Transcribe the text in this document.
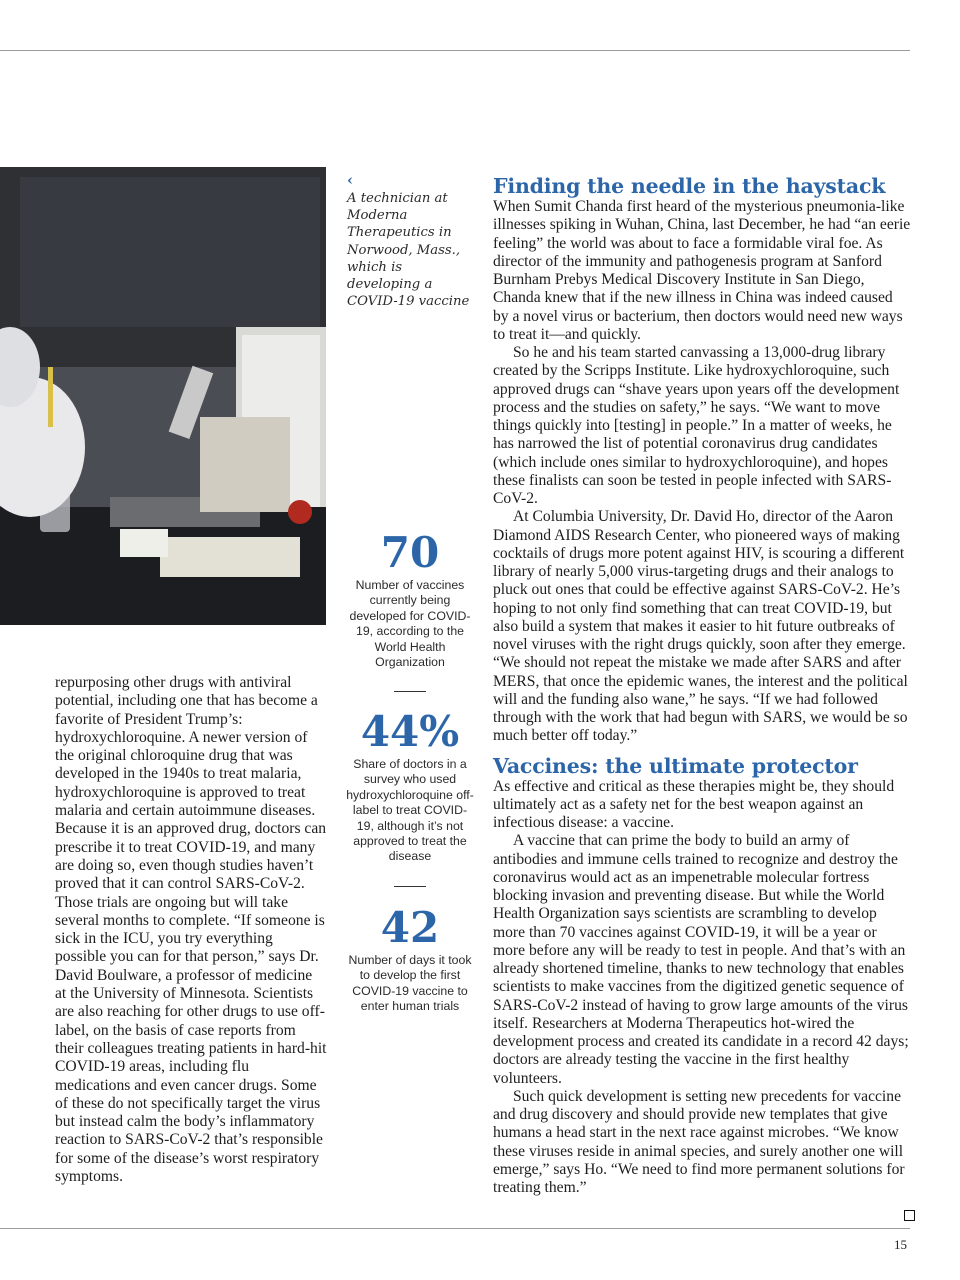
‹
A technician at Moderna Therapeutics in Norwood, Mass., which is developing a COVID-19 vaccine
70
Number of vaccines currently being developed for COVID-19, according to the World Health Organization
44%
Share of doctors in a survey who used hydroxychloroquine off-label to treat COVID-19, although it’s not approved to treat the disease
42
Number of days it took to develop the first COVID-19 vaccine to enter human trials

repurposing other drugs with antiviral potential, including one that has become a favorite of President Trump’s: hydroxychloroquine. A newer version of the original chloroquine drug that was developed in the 1940s to treat malaria, hydroxychloroquine is approved to treat malaria and certain autoimmune diseases. Because it is an approved drug, doctors can prescribe it to treat COVID-19, and many are doing so, even though studies haven’t proved that it can control SARS-CoV-2. Those trials are ongoing but will take several months to complete. “If someone is sick in the ICU, you try everything possible you can for that person,” says Dr. David Boulware, a professor of medicine at the University of Minnesota. Scientists are also reaching for other drugs to use off-label, on the basis of case reports from their colleagues treating patients in hard-hit COVID-19 areas, including flu medications and even cancer drugs. Some of these do not specifically target the virus but instead calm the body’s inflammatory reaction to SARS-CoV-2 that’s responsible for some of the disease’s worst respiratory symptoms.

Finding the needle in the haystack

When Sumit Chanda first heard of the mysterious pneumonia-like illnesses spiking in Wuhan, China, last December, he had “an eerie feeling” the world was about to face a formidable viral foe. As director of the immunity and pathogenesis program at Sanford Burnham Prebys Medical Discovery Institute in San Diego, Chanda knew that if the new illness in China was indeed caused by a novel virus or bacterium, then doctors would need new ways to treat it—and quickly.

So he and his team started canvassing a 13,000-drug library created by the Scripps Institute. Like hydroxychloroquine, such approved drugs can “shave years upon years off the development process and the studies on safety,” he says. “We want to move things quickly into [testing] in people.” In a matter of weeks, he has narrowed the list of potential coronavirus drug candidates (which include ones similar to hydroxychloroquine), and hopes these finalists can soon be tested in people infected with SARS-CoV-2.

At Columbia University, Dr. David Ho, director of the Aaron Diamond AIDS Research Center, who pioneered ways of making cocktails of drugs more potent against HIV, is scouring a different library of nearly 5,000 virus-targeting drugs and their analogs to pluck out ones that could be effective against SARS-CoV-2. He’s hoping to not only find something that can treat COVID-19, but also build a system that makes it easier to hit future outbreaks of novel viruses with the right drugs quickly, soon after they emerge. “We should not repeat the mistake we made after SARS and after MERS, that once the epidemic wanes, the interest and the political will and the funding also wane,” he says. “If we had followed through with the work that had begun with SARS, we would be so much better off today.”

Vaccines: the ultimate protector

As effective and critical as these therapies might be, they should ultimately act as a safety net for the best weapon against an infectious disease: a vaccine.

A vaccine that can prime the body to build an army of antibodies and immune cells trained to recognize and destroy the coronavirus would act as an impenetrable molecular fortress blocking invasion and preventing disease. But while the World Health Organization says scientists are scrambling to develop more than 70 vaccines against COVID-19, it will be a year or more before any will be ready to test in people. And that’s with an already shortened timeline, thanks to new technology that enables scientists to make vaccines from the digitized genetic sequence of SARS-CoV-2 instead of having to grow large amounts of the virus itself. Researchers at Moderna Therapeutics hot-wired the development process and created its candidate in a record 42 days; doctors are already testing the vaccine in the first healthy volunteers.

Such quick development is setting new precedents for vaccine and drug discovery and should provide new templates that give humans a head start in the next race against microbes. “We know these viruses reside in animal species, and surely another one will emerge,” says Ho. “We need to find more permanent solutions for treating them.”

15
